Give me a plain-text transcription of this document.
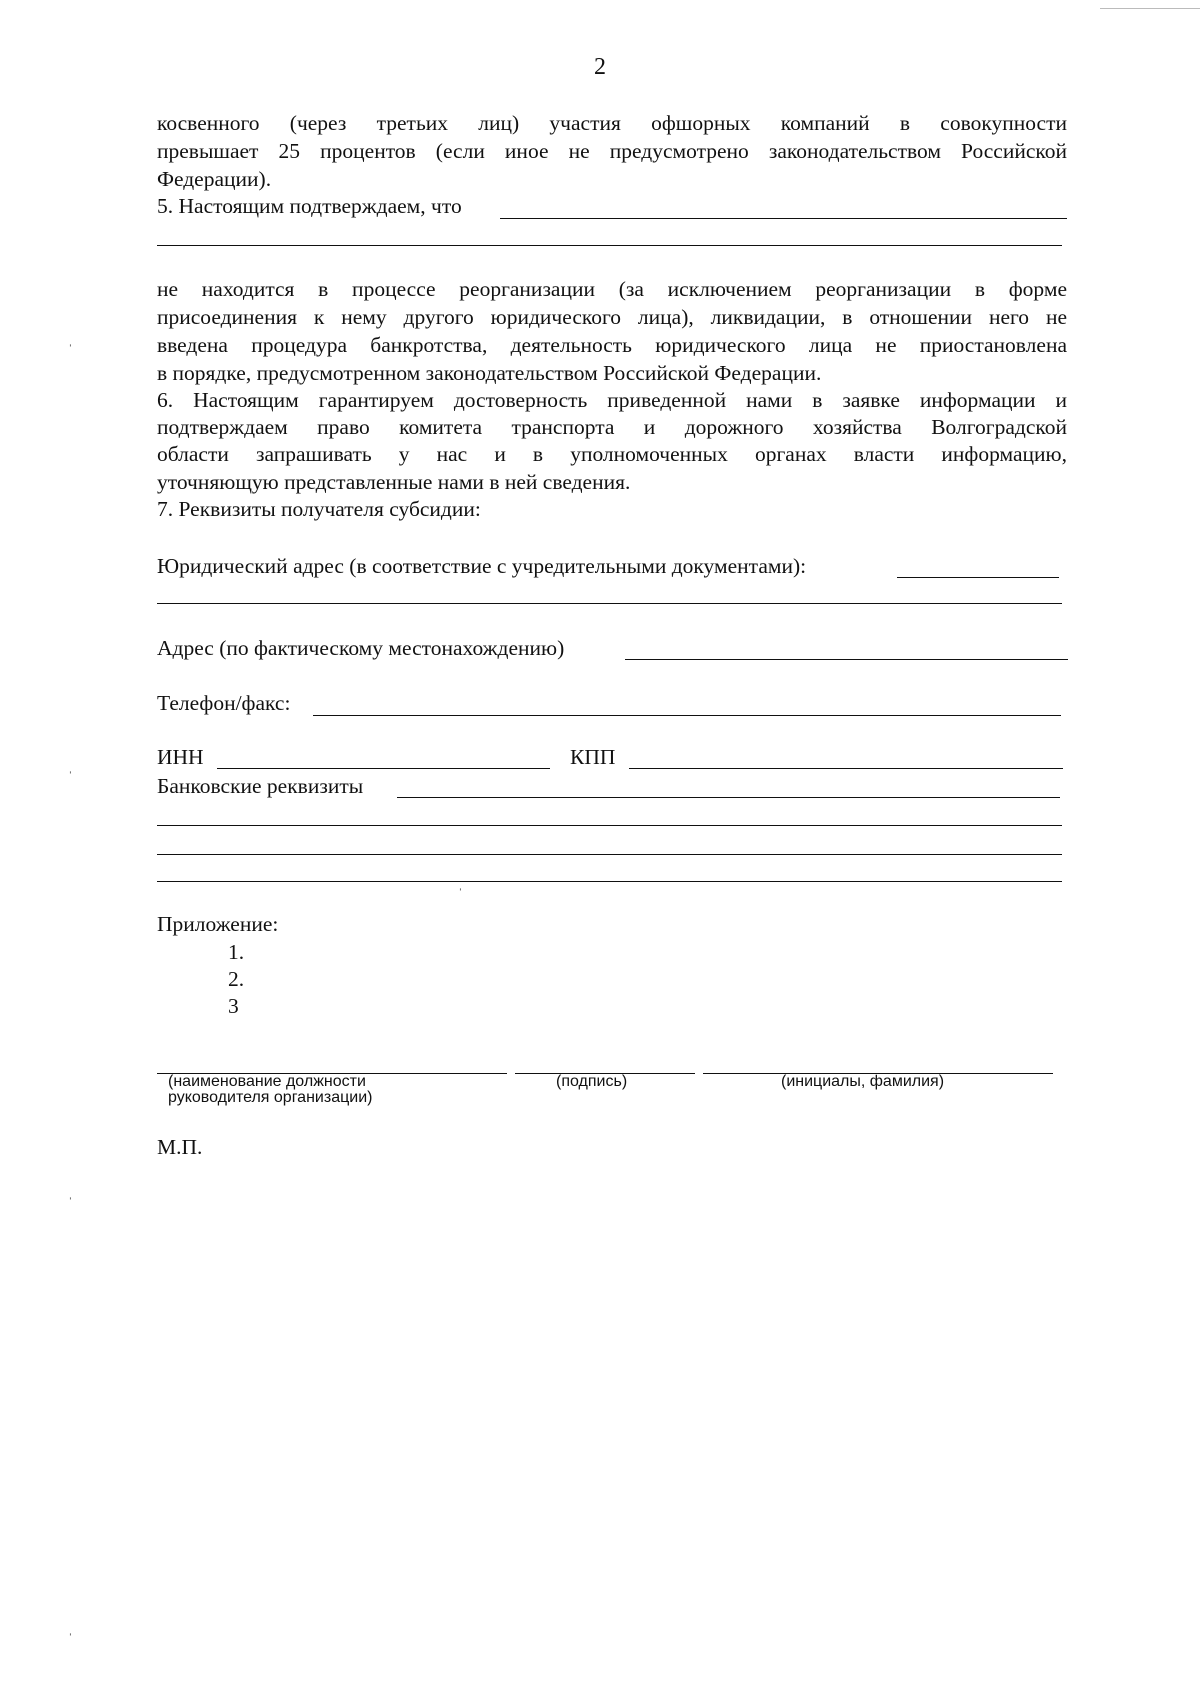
2
косвенного (через третьих лиц) участия офшорных компаний в совокупности
превышает 25 процентов (если иное не предусмотрено законодательством Российской
Федерации).
5. Настоящим подтверждаем, что
не находится в процессе реорганизации (за исключением реорганизации в форме
присоединения к нему другого юридического лица), ликвидации, в отношении него не
введена процедура банкротства, деятельность юридического лица не приостановлена
в порядке, предусмотренном законодательством Российской Федерации.
6. Настоящим гарантируем достоверность приведенной нами в заявке информации и
подтверждаем право комитета транспорта и дорожного хозяйства Волгоградской
области запрашивать у нас и в уполномоченных органах власти информацию,
уточняющую представленные нами в ней сведения.
7. Реквизиты получателя субсидии:
Юридический адрес (в соответствие с учредительными документами):
Адрес (по фактическому местонахождению)
Телефон/факс:
ИНН	КПП
Банковские реквизиты
Приложение:
1.
2.
3
(наименование должности
руководителя организации)
(подпись)	(инициалы, фамилия)
М.П.
ˈ
ˈ
ˈ
ˈ
ˈ
